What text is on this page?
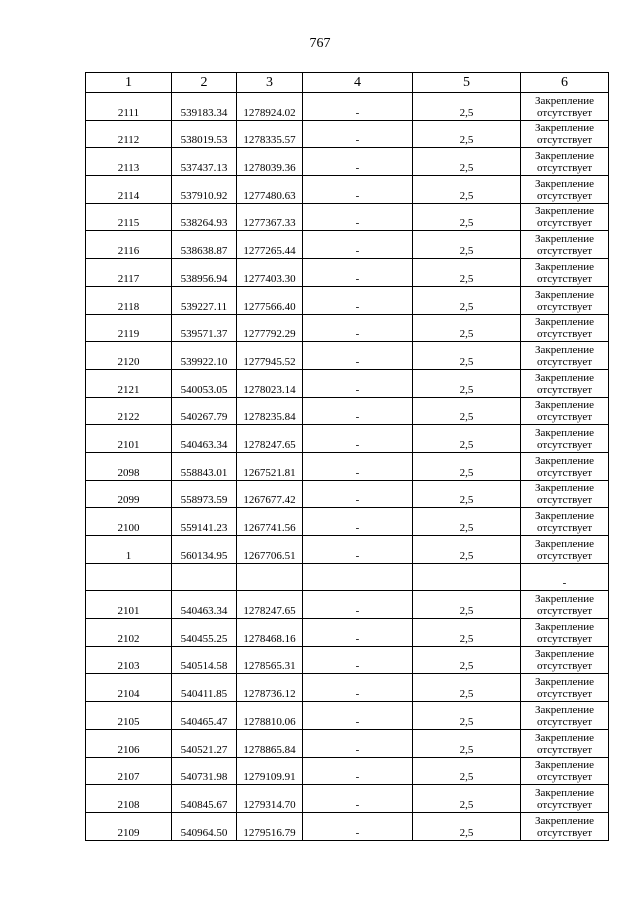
767
1	2	3	4	5	6
2111	539183.34	1278924.02	-	2,5	Закрепление
отсутствует

2112	538019.53	1278335.57	-	2,5	Закрепление
отсутствует

2113	537437.13	1278039.36	-	2,5	Закрепление
отсутствует

2114	537910.92	1277480.63	-	2,5	Закрепление
отсутствует

2115	538264.93	1277367.33	-	2,5	Закрепление
отсутствует

2116	538638.87	1277265.44	-	2,5	Закрепление
отсутствует

2117	538956.94	1277403.30	-	2,5	Закрепление
отсутствует

2118	539227.11	1277566.40	-	2,5	Закрепление
отсутствует

2119	539571.37	1277792.29	-	2,5	Закрепление
отсутствует

2120	539922.10	1277945.52	-	2,5	Закрепление
отсутствует

2121	540053.05	1278023.14	-	2,5	Закрепление
отсутствует

2122	540267.79	1278235.84	-	2,5	Закрепление
отсутствует

2101	540463.34	1278247.65	-	2,5	Закрепление
отсутствует

2098	558843.01	1267521.81	-	2,5	Закрепление
отсутствует

2099	558973.59	1267677.42	-	2,5	Закрепление
отсутствует

2100	559141.23	1267741.56	-	2,5	Закрепление
отсутствует

1	560134.95	1267706.51	-	2,5	Закрепление
отсутствует

					-

2101	540463.34	1278247.65	-	2,5	Закрепление
отсутствует

2102	540455.25	1278468.16	-	2,5	Закрепление
отсутствует

2103	540514.58	1278565.31	-	2,5	Закрепление
отсутствует

2104	540411.85	1278736.12	-	2,5	Закрепление
отсутствует

2105	540465.47	1278810.06	-	2,5	Закрепление
отсутствует

2106	540521.27	1278865.84	-	2,5	Закрепление
отсутствует

2107	540731.98	1279109.91	-	2,5	Закрепление
отсутствует

2108	540845.67	1279314.70	-	2,5	Закрепление
отсутствует

2109	540964.50	1279516.79	-	2,5	Закрепление
отсутствует
